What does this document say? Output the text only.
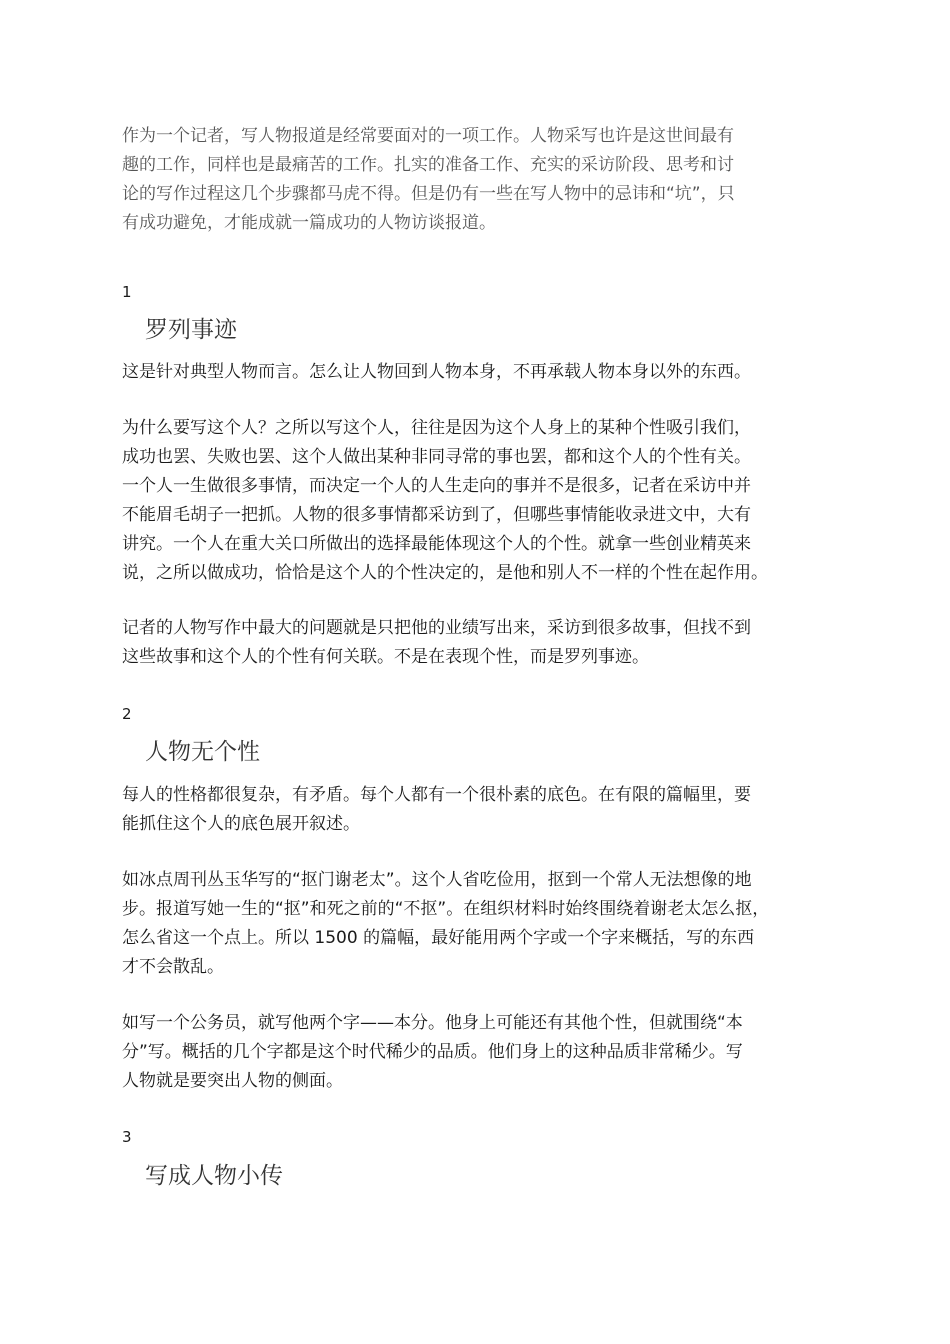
作为一个记者，写人物报道是经常要面对的一项工作。人物采写也许是这世间最有
趣的工作，同样也是最痛苦的工作。扎实的准备工作、充实的采访阶段、思考和讨
论的写作过程这几个步骤都马虎不得。但是仍有一些在写人物中的忌讳和“坑”，只
有成功避免，才能成就一篇成功的人物访谈报道。
1
罗列事迹
这是针对典型人物而言。怎么让人物回到人物本身，不再承载人物本身以外的东西。
为什么要写这个人？之所以写这个人，往往是因为这个人身上的某种个性吸引我们，
成功也罢、失败也罢、这个人做出某种非同寻常的事也罢，都和这个人的个性有关。
一个人一生做很多事情，而决定一个人的人生走向的事并不是很多，记者在采访中并
不能眉毛胡子一把抓。人物的很多事情都采访到了，但哪些事情能收录进文中，大有
讲究。一个人在重大关口所做出的选择最能体现这个人的个性。就拿一些创业精英来
说，之所以做成功，恰恰是这个人的个性决定的，是他和别人不一样的个性在起作用。
记者的人物写作中最大的问题就是只把他的业绩写出来，采访到很多故事，但找不到
这些故事和这个人的个性有何关联。不是在表现个性，而是罗列事迹。
2
人物无个性
每人的性格都很复杂，有矛盾。每个人都有一个很朴素的底色。在有限的篇幅里，要
能抓住这个人的底色展开叙述。
如冰点周刊丛玉华写的“抠门谢老太”。这个人省吃俭用，抠到一个常人无法想像的地
步。报道写她一生的“抠”和死之前的“不抠”。在组织材料时始终围绕着谢老太怎么抠，
怎么省这一个点上。所以 1500 的篇幅，最好能用两个字或一个字来概括，写的东西
才不会散乱。
如写一个公务员，就写他两个字——本分。他身上可能还有其他个性，但就围绕“本
分”写。概括的几个字都是这个时代稀少的品质。他们身上的这种品质非常稀少。写
人物就是要突出人物的侧面。
3
写成人物小传
